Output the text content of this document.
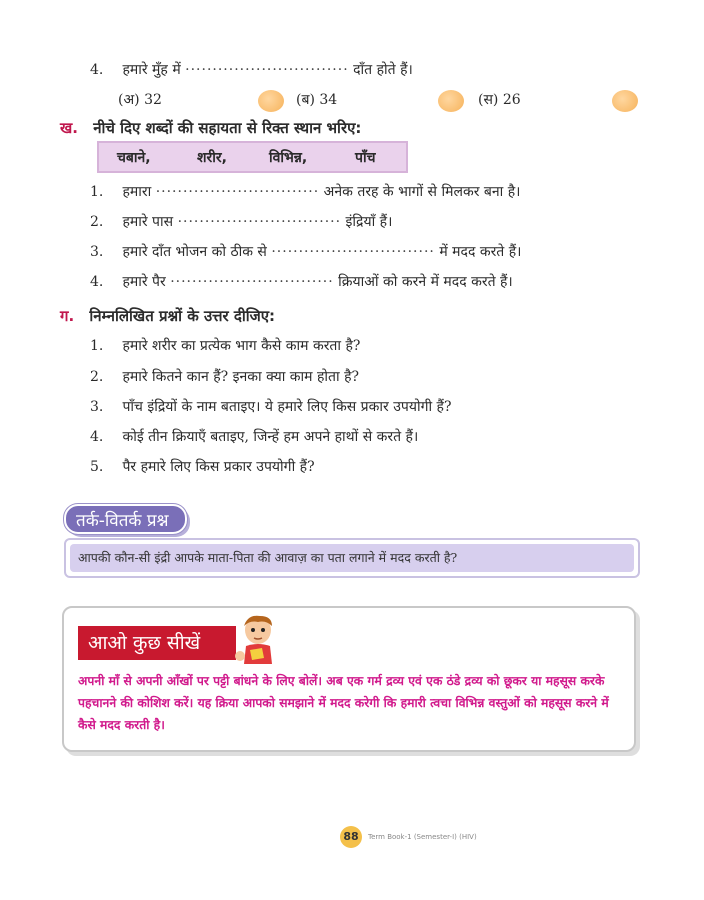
4. हमारे मुँह में ······························ दाँत होते हैं।
(अ) 32	(ब) 34	(स) 26
ख. नीचे दिए शब्दों की सहायता से रिक्त स्थान भरिए:
चबाने,	शरीर,	विभिन्न,	पाँच
1. हमारा ······························ अनेक तरह के भागों से मिलकर बना है।
2. हमारे पास ······························ इंद्रियाँ हैं।
3. हमारे दाँत भोजन को ठीक से ······························ में मदद करते हैं।
4. हमारे पैर ······························ क्रियाओं को करने में मदद करते हैं।
ग. निम्नलिखित प्रश्नों के उत्तर दीजिए:
1. हमारे शरीर का प्रत्येक भाग कैसे काम करता है?
2. हमारे कितने कान हैं? इनका क्या काम होता है?
3. पाँच इंद्रियों के नाम बताइए। ये हमारे लिए किस प्रकार उपयोगी हैं?
4. कोई तीन क्रियाएँ बताइए, जिन्हें हम अपने हाथों से करते हैं।
5. पैर हमारे लिए किस प्रकार उपयोगी हैं?
आपकी कौन-सी इंद्री आपके माता-पिता की आवाज़ का पता लगाने में मदद करती है?
तर्क-वितर्क प्रश्न
आओ कुछ सीखें
अपनी माँ से अपनी आँखों पर पट्टी बांधने के लिए बोलें। अब एक गर्म द्रव्य एवं एक ठंडे द्रव्य को छूकर या महसूस करके पहचानने की कोशिश करें। यह क्रिया आपको समझाने में मदद करेगी कि हमारी त्वचा विभिन्न वस्तुओं को महसूस करने में कैसे मदद करती है।
88	Term Book-1 (Semester-I) (HIV)
